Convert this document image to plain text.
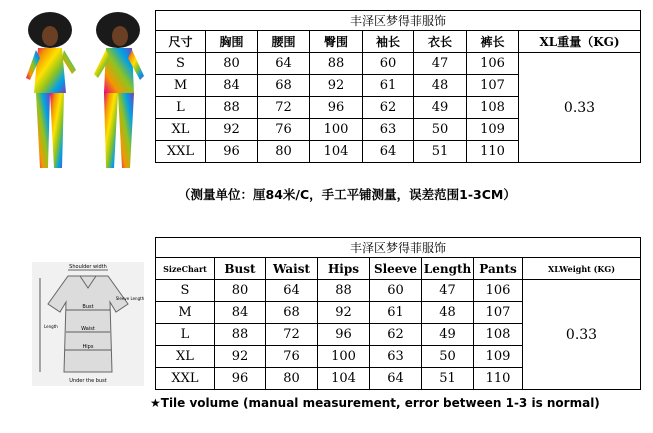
丰泽区梦得菲服饰							
尺寸	胸围	腰围	臀围	袖长	衣长	裤长	XL重量（KG)
S	80	64	88	60	47	106	0.33
M	84	68	92	61	48	107	
L	88	72	96	62	49	108	
XL	92	76	100	63	50	109	
XXL	96	80	104	64	51	110	
（测量单位：厘84米/C，手工平铺测量，误差范围1-3CM）
Shoulder width
Bust
Waist
Hips
Sleeve Length
Length
Under the bust
丰泽区梦得菲服饰							
SizeChart	Bust	Waist	Hips	Sleeve	Length	Pants	XLWeight (KG)
S	80	64	88	60	47	106	0.33
M	84	68	92	61	48	107	
L	88	72	96	62	49	108	
XL	92	76	100	63	50	109	
XXL	96	80	104	64	51	110	
★Tile volume (manual measurement, error between 1-3 is normal)
